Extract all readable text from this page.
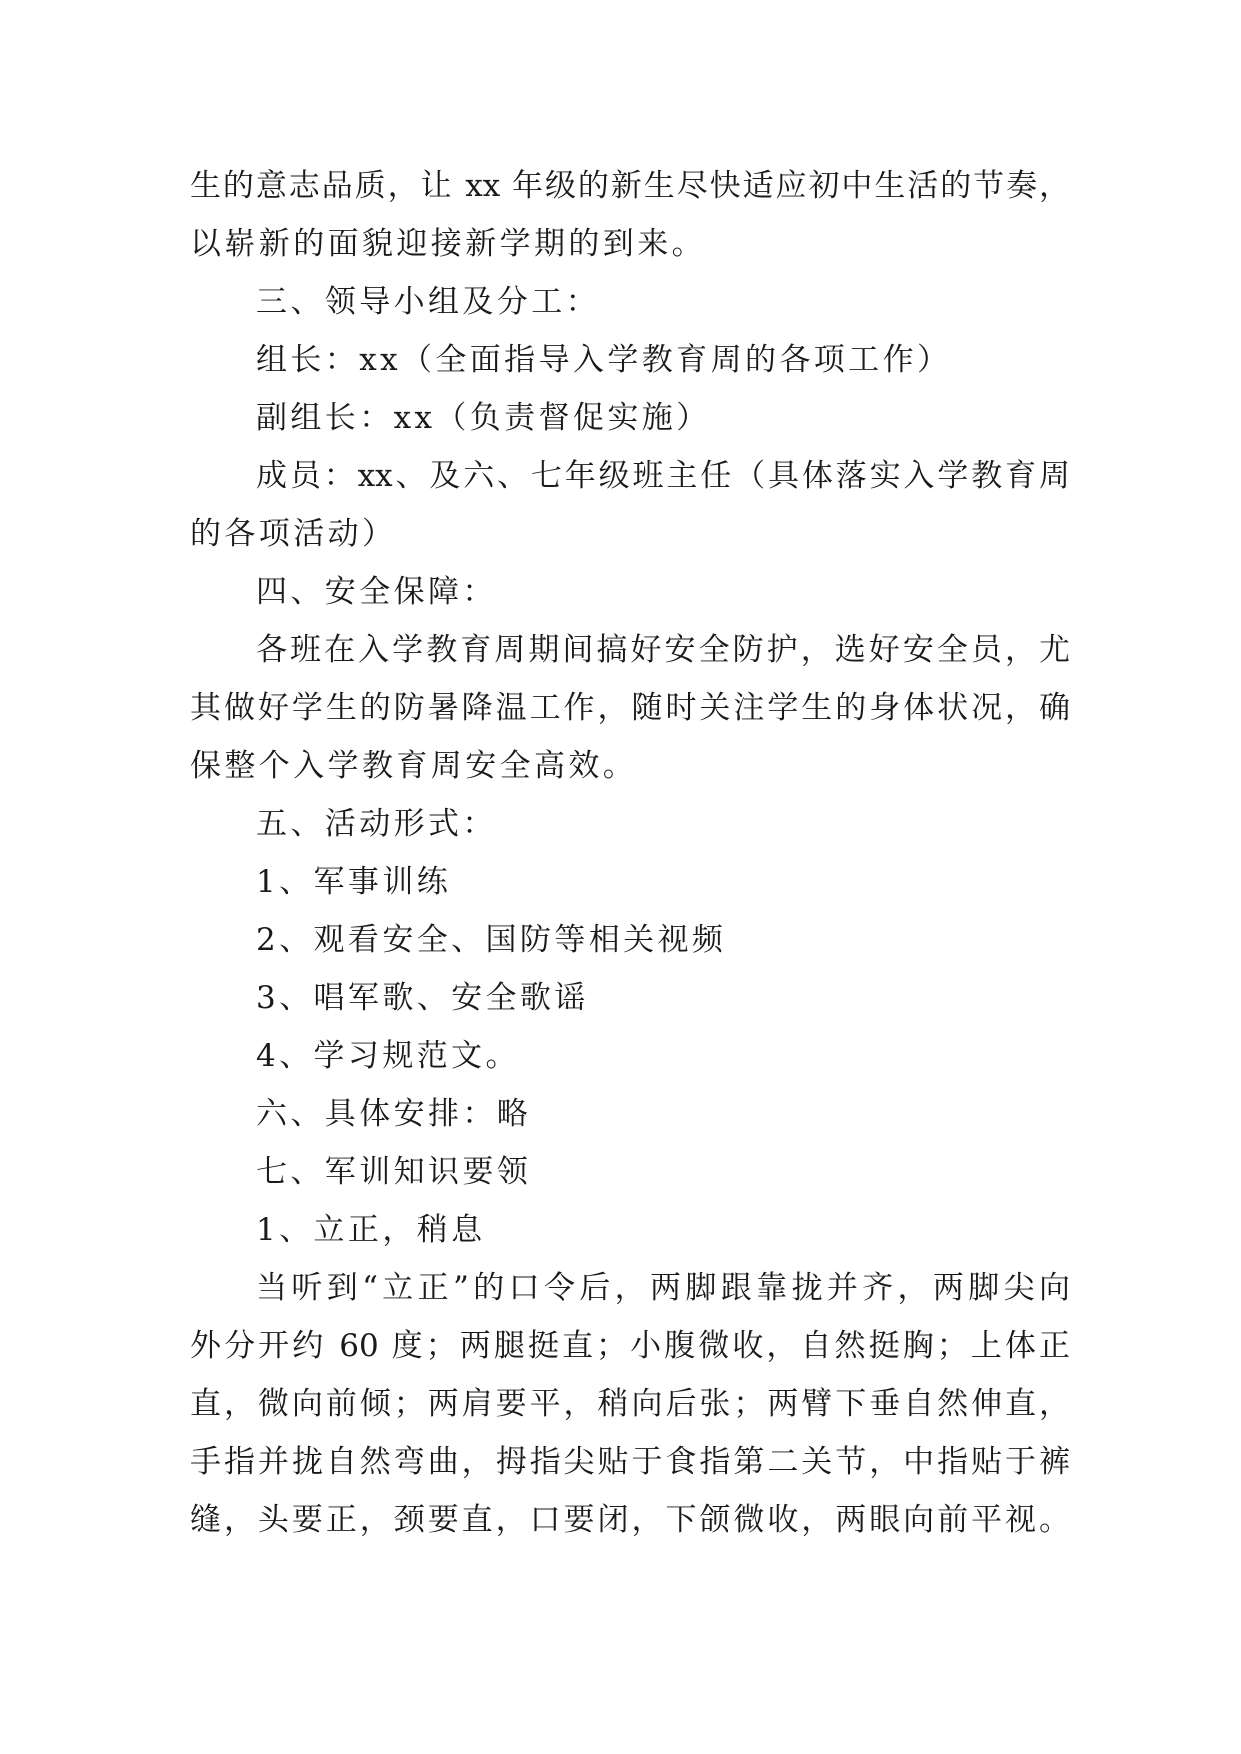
生的意志品质，让 xx 年级的新生尽快适应初中生活的节奏，
以崭新的面貌迎接新学期的到来。
三、领导小组及分工：
组长：xx（全面指导入学教育周的各项工作）
副组长：xx（负责督促实施）
成员：xx、及六、七年级班主任（具体落实入学教育周
的各项活动）
四、安全保障：
各班在入学教育周期间搞好安全防护，选好安全员，尤
其做好学生的防暑降温工作，随时关注学生的身体状况，确
保整个入学教育周安全高效。
五、活动形式：
1、军事训练
2、观看安全、国防等相关视频
3、唱军歌、安全歌谣
4、学习规范文。
六、具体安排：略
七、军训知识要领
1、立正，稍息
当听到“立正”的口令后，两脚跟靠拢并齐，两脚尖向
外分开约 60 度；两腿挺直；小腹微收，自然挺胸；上体正
直，微向前倾；两肩要平，稍向后张；两臂下垂自然伸直，
手指并拢自然弯曲，拇指尖贴于食指第二关节，中指贴于裤
缝，头要正，颈要直，口要闭，下颌微收，两眼向前平视。
